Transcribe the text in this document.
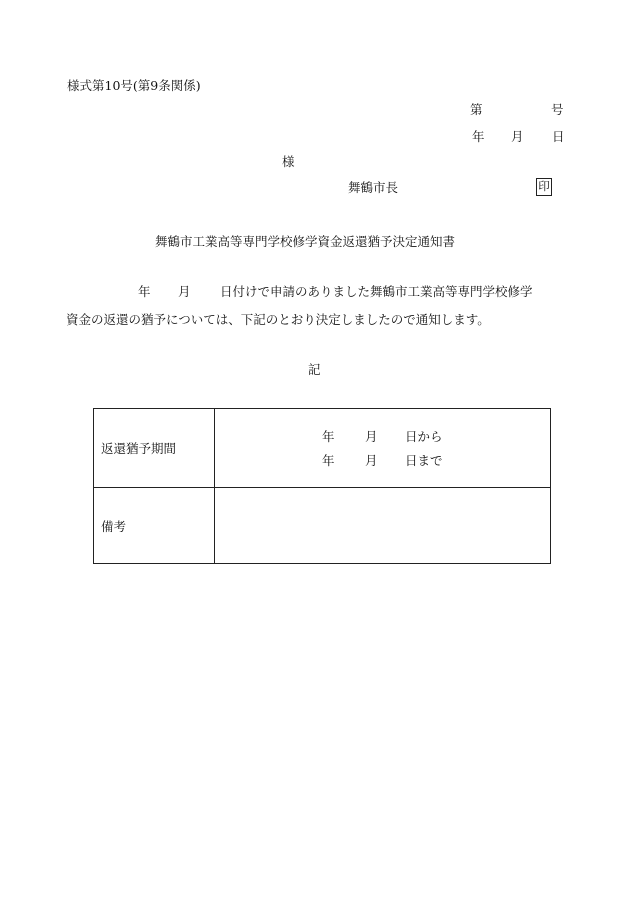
様式第10号(第9条関係)
第	号
年 月 日
様
舞鶴市長	印
舞鶴市工業高等専門学校修学資金返還猶予決定通知書
年 月 日付けで申請のありました舞鶴市工業高等専門学校修学
資金の返還の猶予については、下記のとおり決定しましたので通知します。
記
返還猶予期間
年 月 日から
年 月 日まで
備考
